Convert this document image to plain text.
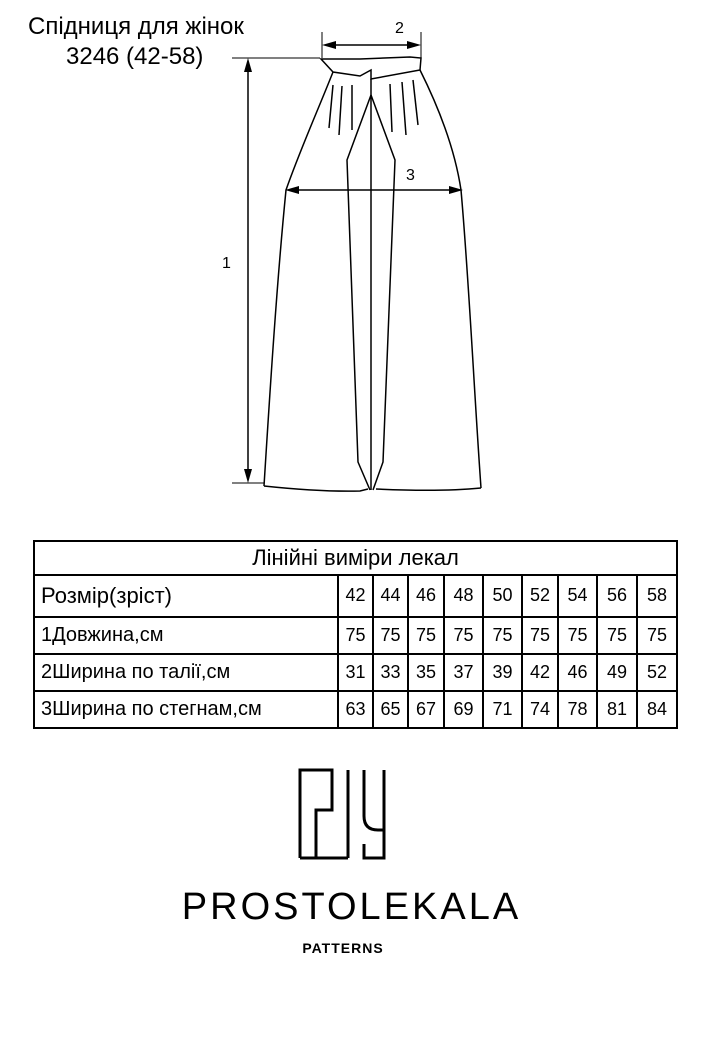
Спідниця для жінок
3246 (42-58)
1
2
3
Лінійні виміри лекал									
Розмір(зріст)	42	44	46	48	50	52	54	56	58
1Довжина,см	75	75	75	75	75	75	75	75	75
2Ширина по талії,см	31	33	35	37	39	42	46	49	52
3Ширина по стегнам,см	63	65	67	69	71	74	78	81	84
PROSTOLEKALA
PATTERNS
